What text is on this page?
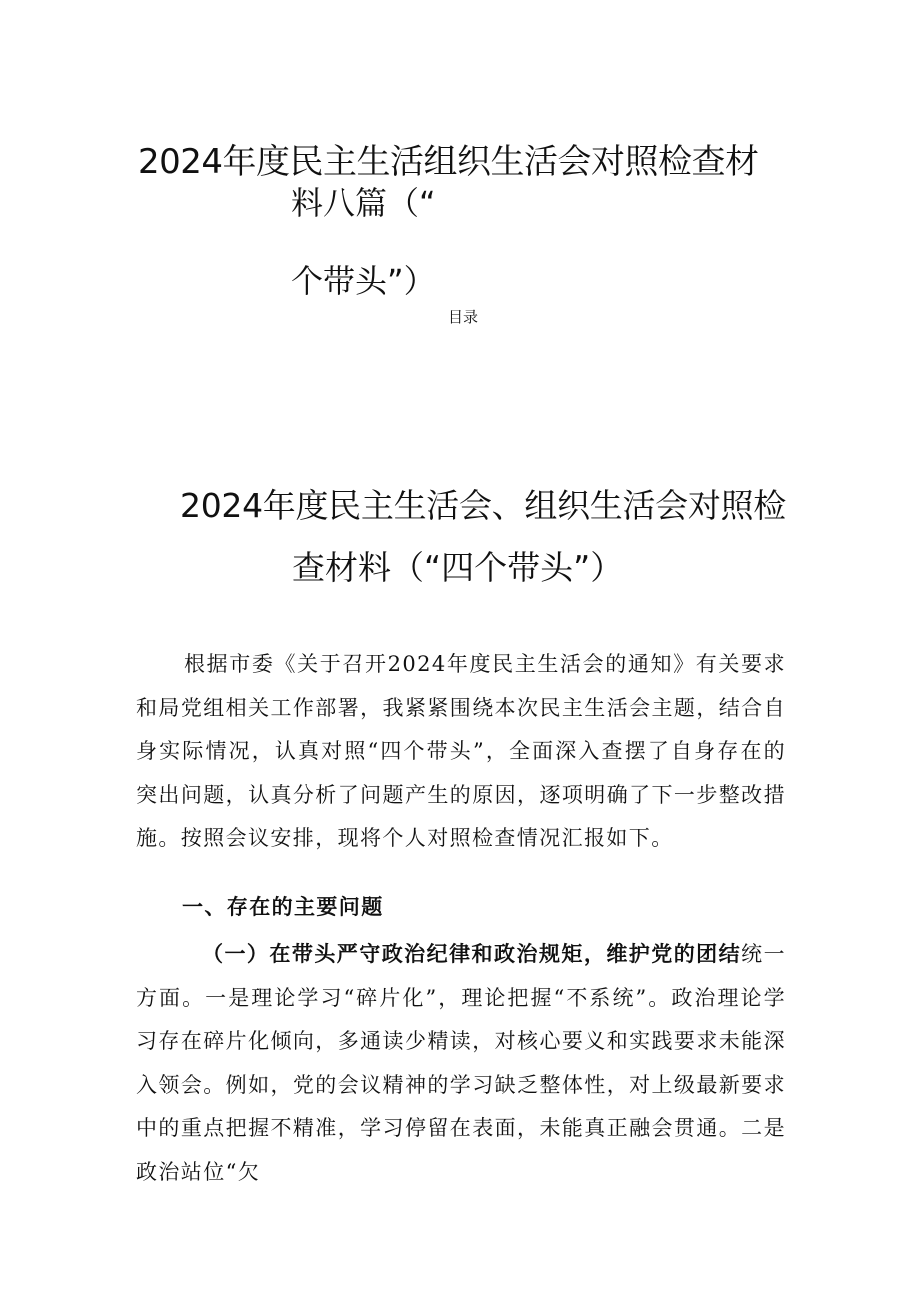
2024年度民主生活组织生活会对照检查材
料八篇（“
个带头”）
目录
2024年度民主生活会、组织生活会对照检
查材料（“四个带头”）

根据市委《关于召开2024年度民主生活会的通知》有关要求和局党组相关工作部署，我紧紧围绕本次民主生活会主题，结合自身实际情况，认真对照“四个带头”，全面深入查摆了自身存在的突出问题，认真分析了问题产生的原因，逐项明确了下一步整改措施。按照会议安排，现将个人对照检查情况汇报如下。

一、存在的主要问题

（一）在带头严守政治纪律和政治规矩，维护党的团结统一方面。一是理论学习“碎片化”，理论把握“不系统”。政治理论学习存在碎片化倾向，多通读少精读，对核心要义和实践要求未能深入领会。例如，党的会议精神的学习缺乏整体性，对上级最新要求中的重点把握不精准，学习停留在表面，未能真正融会贯通。二是政治站位“欠
